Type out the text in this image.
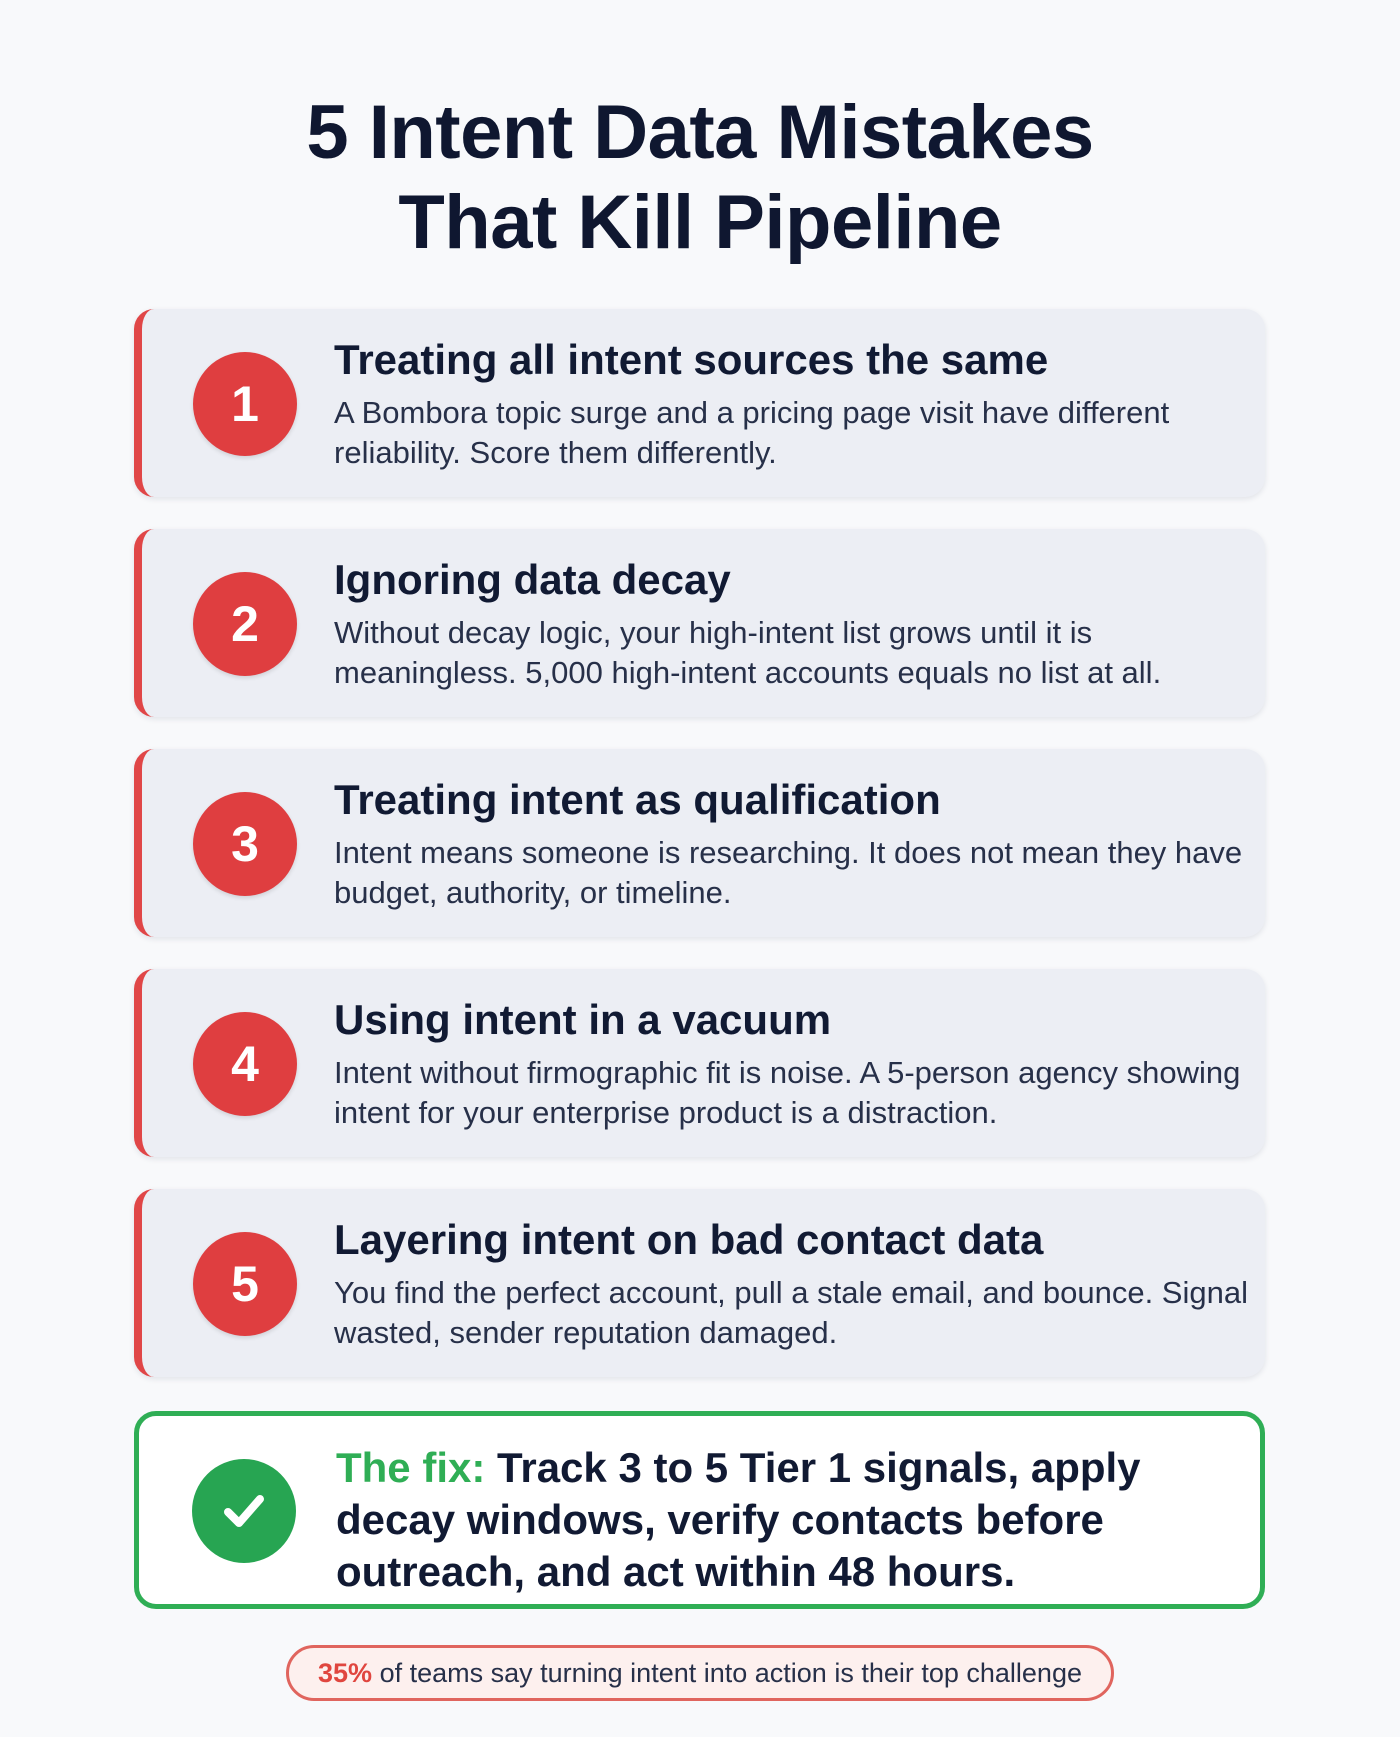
5 Intent Data Mistakes
That Kill Pipeline
1
Treating all intent sources the same
A Bombora topic surge and a pricing page visit have different reliability. Score them differently.
2
Ignoring data decay
Without decay logic, your high-intent list grows until it is meaningless. 5,000 high-intent accounts equals no list at all.
3
Treating intent as qualification
Intent means someone is researching. It does not mean they have budget, authority, or timeline.
4
Using intent in a vacuum
Intent without firmographic fit is noise. A 5-person agency showing intent for your enterprise product is a distraction.
5
Layering intent on bad contact data
You find the perfect account, pull a stale email, and bounce. Signal wasted, sender reputation damaged.
The fix: Track 3 to 5 Tier 1 signals, apply decay windows, verify contacts before outreach, and act within 48 hours.
35% of teams say turning intent into action is their top challenge
